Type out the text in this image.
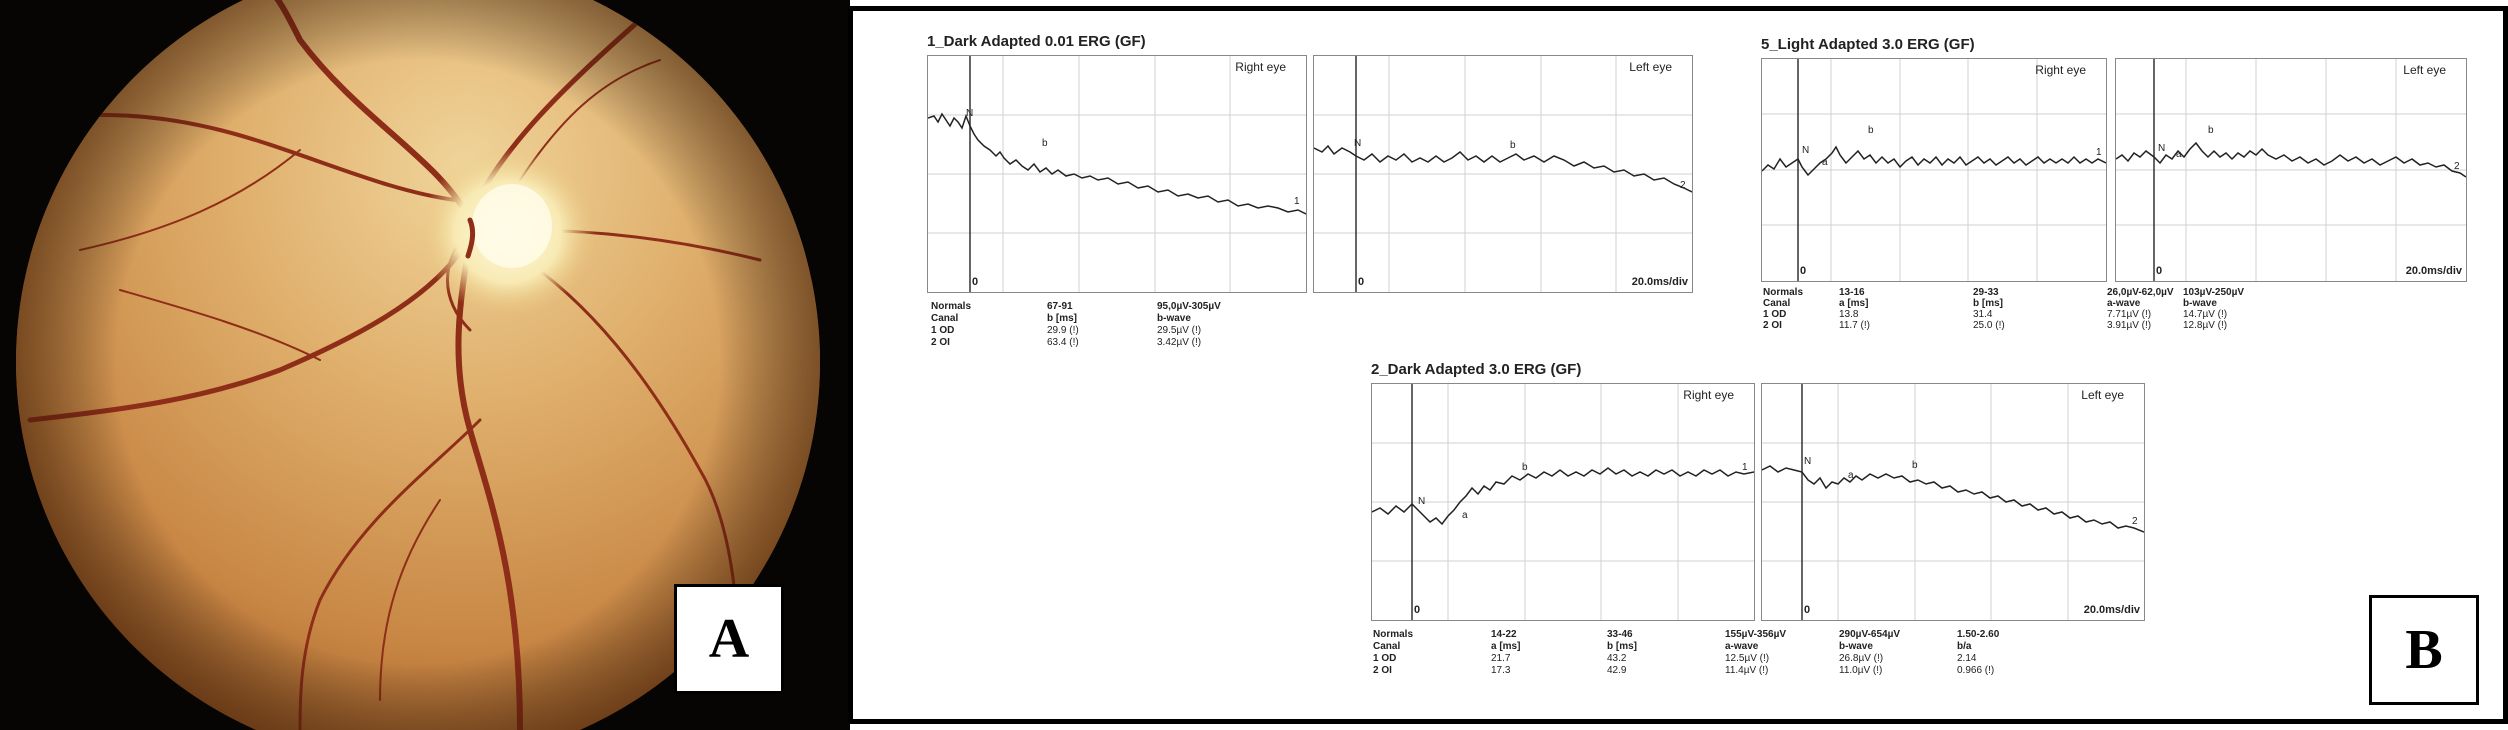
A
1_Dark Adapted 0.01 ERG (GF)
Right eye
N
b
1
0
Left eye
N	b
2
0	20.0ms/div
Normals	67-91	95,0µV-305µV
Canal	b [ms]	b-wave
1 OD	29.9 (!)	29.5µV (!)
2 OI	63.4 (!)	3.42µV (!)
5_Light Adapted 3.0 ERG (GF)
Right eye
N
a
b
1
0
Left eye
N
a
b
2
0	20.0ms/div
Normals	13-16	29-33	26,0µV-62,0µV 103µV-250µV
Canal	a [ms]	b [ms]	a-wave	b-wave
1 OD	13.8	31.4	7.71µV (!)	14.7µV (!)
2 OI	11.7 (!)	25.0 (!)	3.91µV (!)	12.8µV (!)
2_Dark Adapted 3.0 ERG (GF)
Right eye
N
a
b	1
0
Left eye
N
a
b
2
0	20.0ms/div
Normals	14-22	33-46	155µV-356µV	290µV-654µV	1.50-2.60
Canal	a [ms]	b [ms]	a-wave	b-wave	b/a
1 OD	21.7	43.2	12.5µV (!)	26.8µV (!)	2.14
2 OI	17.3	42.9	11.4µV (!)	11.0µV (!)	0.966 (!)	B
